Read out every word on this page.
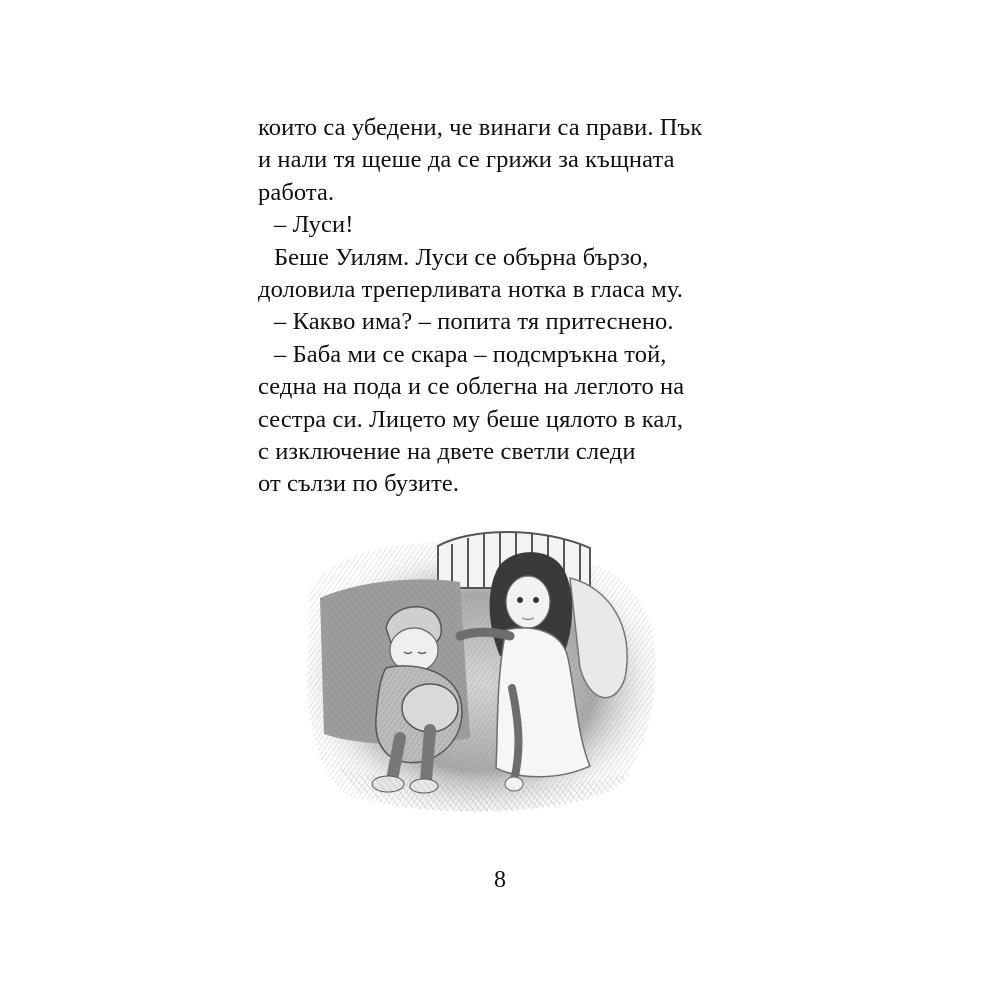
които са убедени, че винаги са прави. Пък
и нали тя щеше да се грижи за къщната
работа.
– Луси!
Беше Уилям. Луси се обърна бързо,
доловила треперливата нотка в гласа му.
– Какво има? – попита тя притеснено.
– Баба ми се скара – подсмръкна той,
седна на пода и се облегна на леглото на
сестра си. Лицето му беше цялото в кал,
с изключение на двете светли следи
от сълзи по бузите.
8
